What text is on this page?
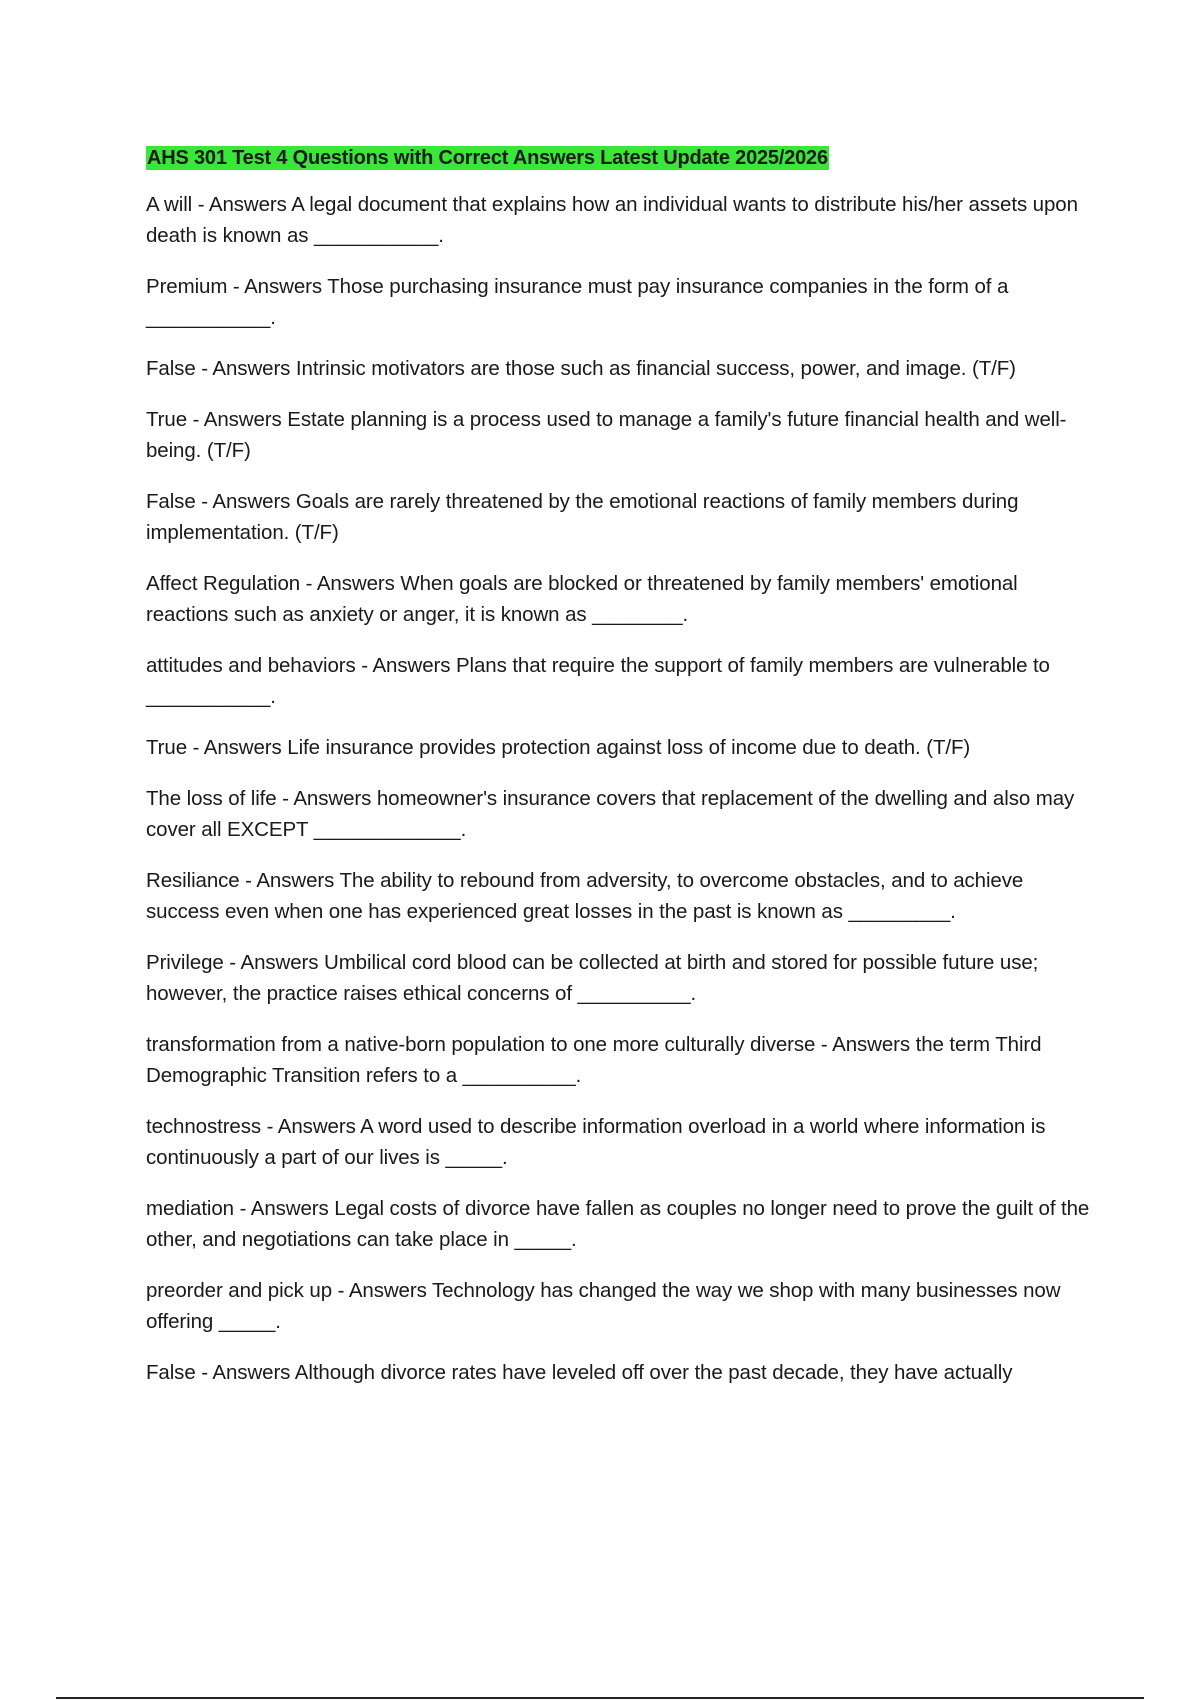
AHS 301 Test 4 Questions with Correct Answers Latest Update 2025/2026

A will - Answers A legal document that explains how an individual wants to distribute his/her assets upon death is known as ___________.

Premium - Answers Those purchasing insurance must pay insurance companies in the form of a ___________.

False - Answers Intrinsic motivators are those such as financial success, power, and image. (T/F)

True - Answers Estate planning is a process used to manage a family's future financial health and well-being. (T/F)

False - Answers Goals are rarely threatened by the emotional reactions of family members during implementation. (T/F)

Affect Regulation - Answers When goals are blocked or threatened by family members' emotional reactions such as anxiety or anger, it is known as ________.

attitudes and behaviors - Answers Plans that require the support of family members are vulnerable to ___________.

True - Answers Life insurance provides protection against loss of income due to death. (T/F)

The loss of life - Answers homeowner's insurance covers that replacement of the dwelling and also may cover all EXCEPT _____________.

Resiliance - Answers The ability to rebound from adversity, to overcome obstacles, and to achieve success even when one has experienced great losses in the past is known as _________.

Privilege - Answers Umbilical cord blood can be collected at birth and stored for possible future use; however, the practice raises ethical concerns of __________.

transformation from a native-born population to one more culturally diverse - Answers the term Third Demographic Transition refers to a __________.

technostress - Answers A word used to describe information overload in a world where information is continuously a part of our lives is _____.

mediation - Answers Legal costs of divorce have fallen as couples no longer need to prove the guilt of the other, and negotiations can take place in _____.

preorder and pick up - Answers Technology has changed the way we shop with many businesses now offering _____.

False - Answers Although divorce rates have leveled off over the past decade, they have actually
